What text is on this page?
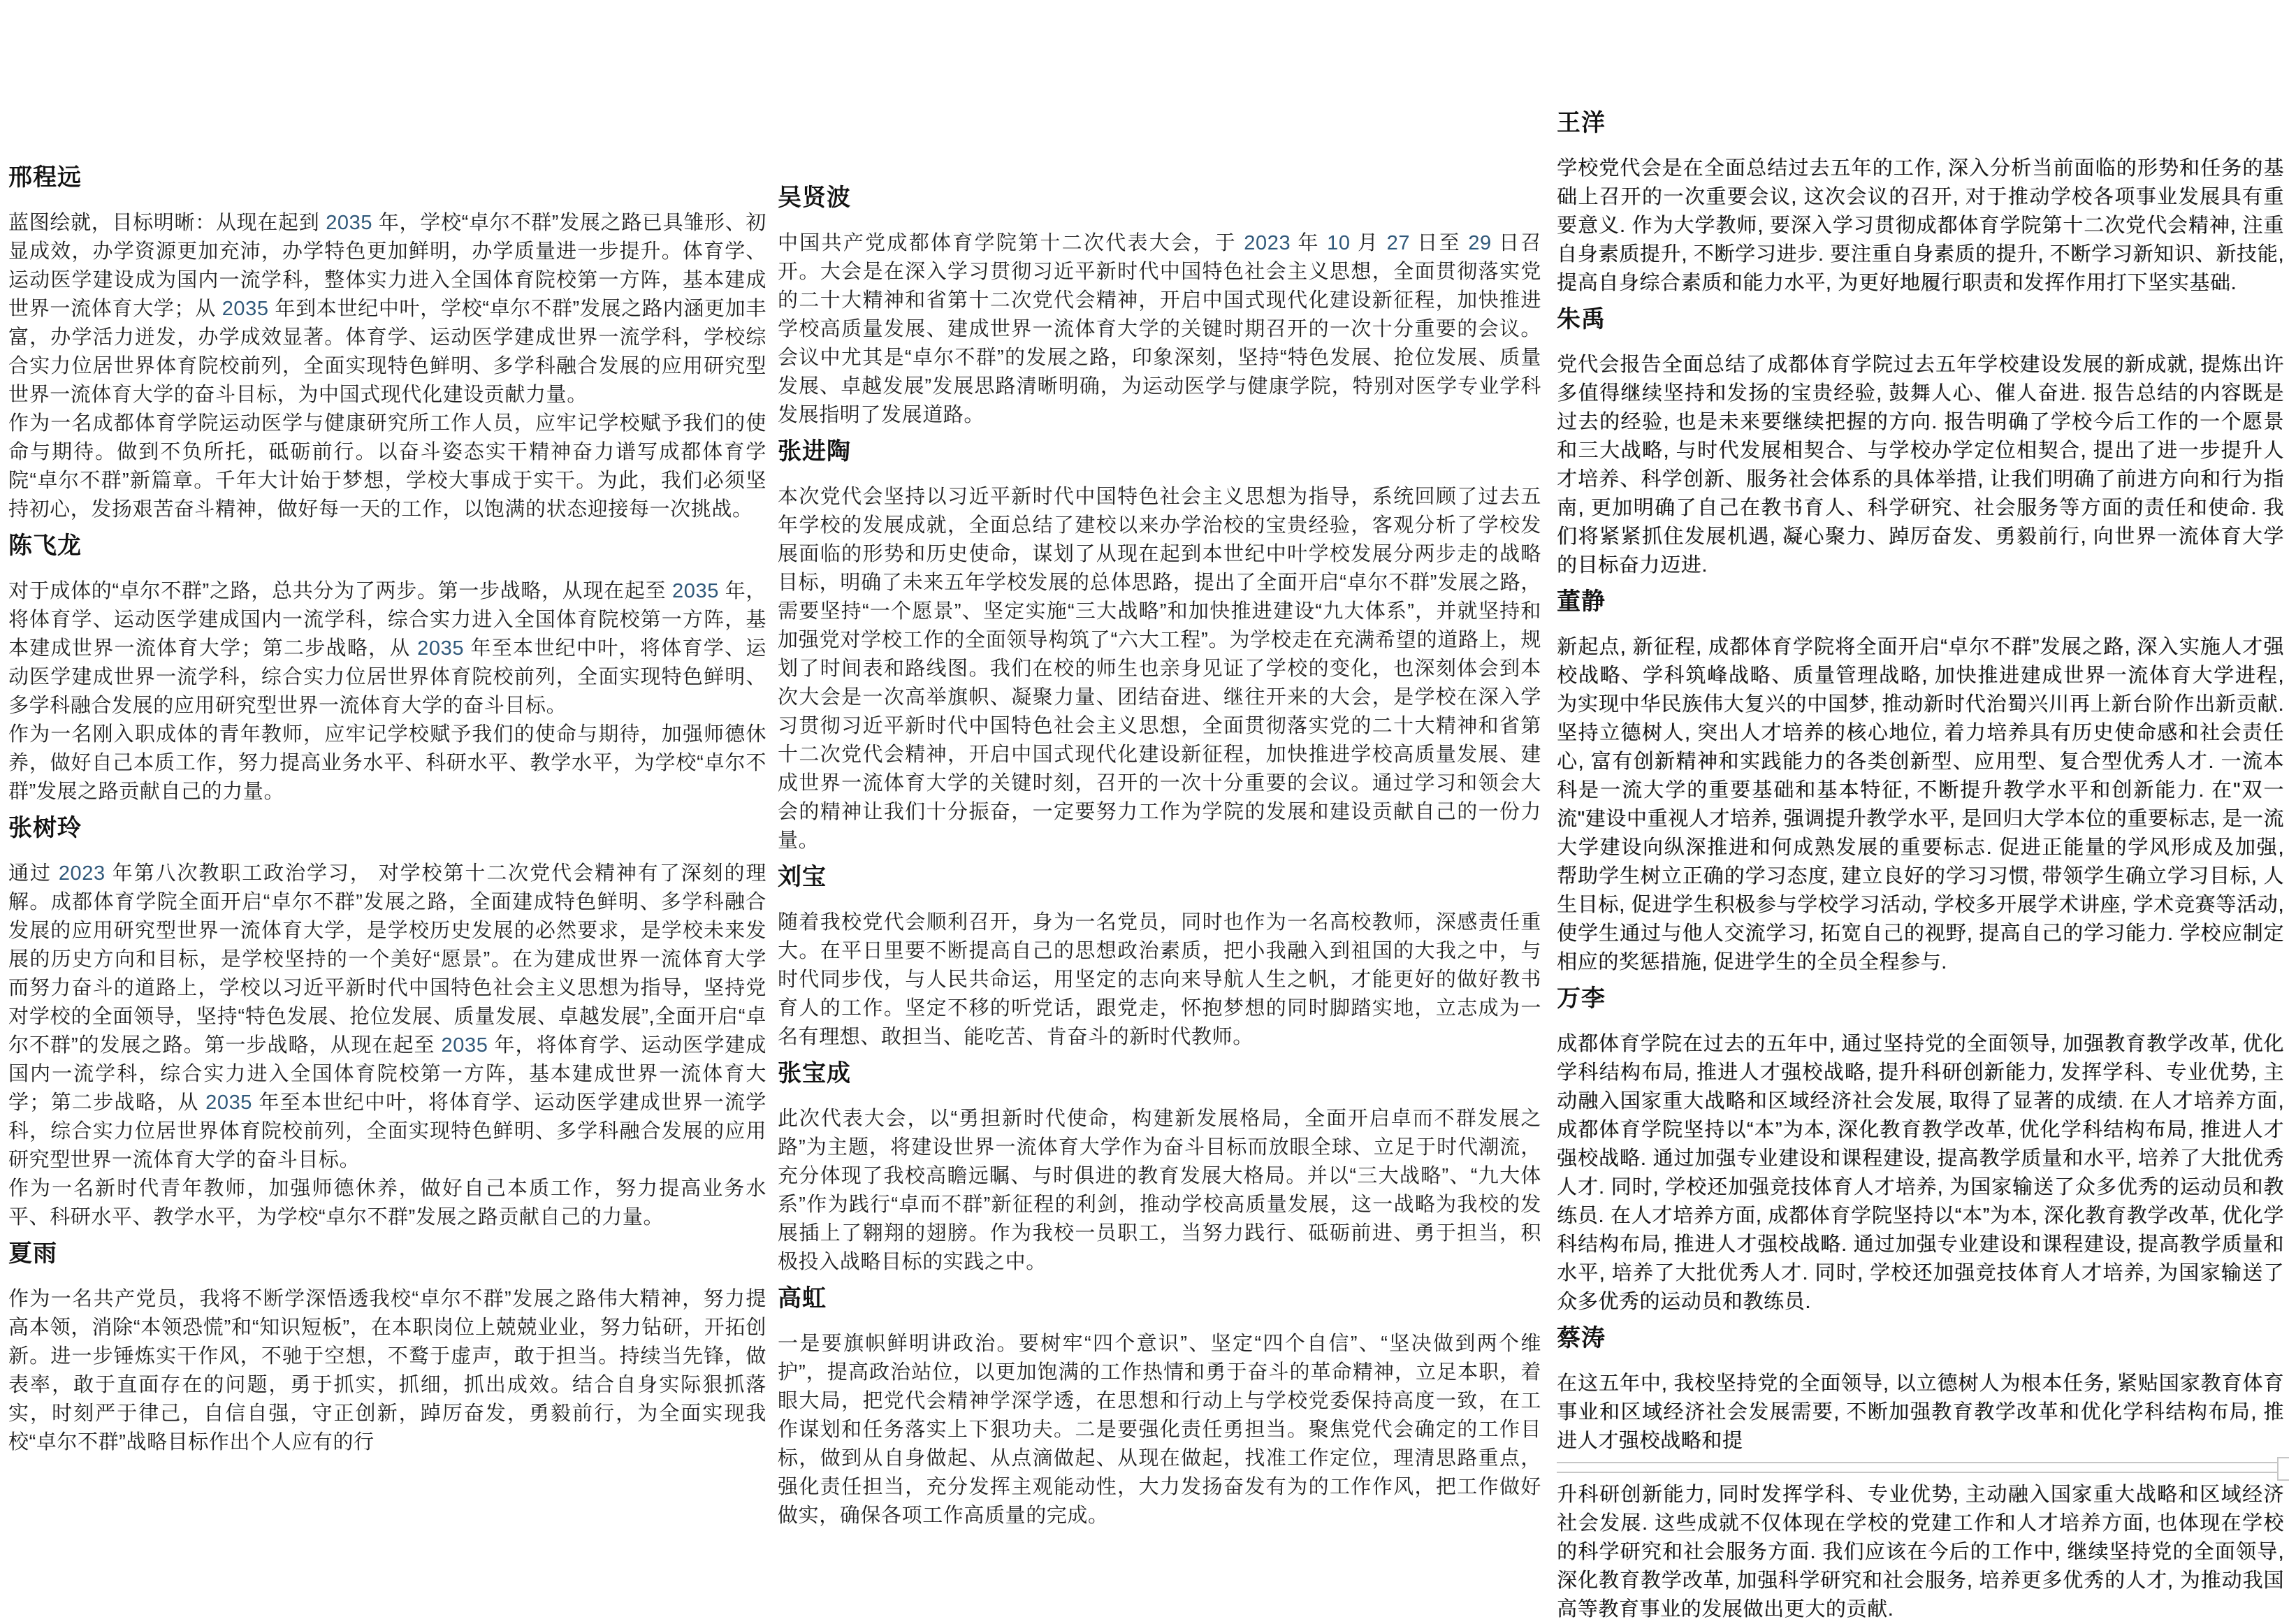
邢程远

蓝图绘就，目标明晰：从现在起到 2035 年，学校“卓尔不群”发展之路已具雏形、初显成效，办学资源更加充沛，办学特色更加鲜明，办学质量进一步提升。体育学、运动医学建设成为国内一流学科，整体实力进入全国体育院校第一方阵，基本建成世界一流体育大学；从 2035 年到本世纪中叶，学校“卓尔不群”发展之路内涵更加丰富，办学活力迸发，办学成效显著。体育学、运动医学建成世界一流学科，学校综合实力位居世界体育院校前列，全面实现特色鲜明、多学科融合发展的应用研究型世界一流体育大学的奋斗目标，为中国式现代化建设贡献力量。

作为一名成都体育学院运动医学与健康研究所工作人员，应牢记学校赋予我们的使命与期待。做到不负所托，砥砺前行。以奋斗姿态实干精神奋力谱写成都体育学院“卓尔不群”新篇章。千年大计始于梦想，学校大事成于实干。为此，我们必须坚持初心，发扬艰苦奋斗精神，做好每一天的工作，以饱满的状态迎接每一次挑战。

陈飞龙

对于成体的“卓尔不群”之路，总共分为了两步。第一步战略，从现在起至 2035 年，将体育学、运动医学建成国内一流学科，综合实力进入全国体育院校第一方阵，基本建成世界一流体育大学；第二步战略，从 2035 年至本世纪中叶，将体育学、运动医学建成世界一流学科，综合实力位居世界体育院校前列，全面实现特色鲜明、多学科融合发展的应用研究型世界一流体育大学的奋斗目标。

作为一名刚入职成体的青年教师，应牢记学校赋予我们的使命与期待，加强师德休养，做好自己本质工作，努力提高业务水平、科研水平、教学水平，为学校“卓尔不群”发展之路贡献自己的力量。

张树玲

通过 2023 年第八次教职工政治学习， 对学校第十二次党代会精神有了深刻的理解。成都体育学院全面开启“卓尔不群”发展之路，全面建成特色鲜明、多学科融合发展的应用研究型世界一流体育大学，是学校历史发展的必然要求，是学校未来发展的历史方向和目标，是学校坚持的一个美好“愿景”。在为建成世界一流体育大学而努力奋斗的道路上，学校以习近平新时代中国特色社会主义思想为指导，坚持党对学校的全面领导，坚持“特色发展、抢位发展、质量发展、卓越发展”,全面开启“卓尔不群”的发展之路。第一步战略，从现在起至 2035 年，将体育学、运动医学建成国内一流学科，综合实力进入全国体育院校第一方阵，基本建成世界一流体育大学；第二步战略，从 2035 年至本世纪中叶，将体育学、运动医学建成世界一流学科，综合实力位居世界体育院校前列，全面实现特色鲜明、多学科融合发展的应用研究型世界一流体育大学的奋斗目标。

作为一名新时代青年教师，加强师德休养，做好自己本质工作，努力提高业务水平、科研水平、教学水平，为学校“卓尔不群”发展之路贡献自己的力量。

夏雨

作为一名共产党员，我将不断学深悟透我校“卓尔不群”发展之路伟大精神，努力提高本领，消除“本领恐慌”和“知识短板”，在本职岗位上兢兢业业，努力钻研，开拓创新。进一步锤炼实干作风，不驰于空想，不鹜于虚声，敢于担当。持续当先锋，做表率，敢于直面存在的问题，勇于抓实，抓细，抓出成效。结合自身实际狠抓落实，时刻严于律己，自信自强，守正创新，踔厉奋发，勇毅前行，为全面实现我校“卓尔不群”战略目标作出个人应有的行

吴贤波

中国共产党成都体育学院第十二次代表大会，于 2023 年 10 月 27 日至 29 日召开。大会是在深入学习贯彻习近平新时代中国特色社会主义思想，全面贯彻落实党的二十大精神和省第十二次党代会精神，开启中国式现代化建设新征程，加快推进学校高质量发展、建成世界一流体育大学的关键时期召开的一次十分重要的会议。会议中尤其是“卓尔不群”的发展之路，印象深刻，坚持“特色发展、抢位发展、质量发展、卓越发展”发展思路清晰明确，为运动医学与健康学院，特别对医学专业学科发展指明了发展道路。

张进陶

本次党代会坚持以习近平新时代中国特色社会主义思想为指导，系统回顾了过去五年学校的发展成就，全面总结了建校以来办学治校的宝贵经验，客观分析了学校发展面临的形势和历史使命，谋划了从现在起到本世纪中叶学校发展分两步走的战略目标，明确了未来五年学校发展的总体思路，提出了全面开启“卓尔不群”发展之路，需要坚持“一个愿景”、坚定实施“三大战略”和加快推进建设“九大体系”，并就坚持和加强党对学校工作的全面领导构筑了“六大工程”。为学校走在充满希望的道路上，规划了时间表和路线图。我们在校的师生也亲身见证了学校的变化，也深刻体会到本次大会是一次高举旗帜、凝聚力量、团结奋进、继往开来的大会，是学校在深入学习贯彻习近平新时代中国特色社会主义思想，全面贯彻落实党的二十大精神和省第十二次党代会精神，开启中国式现代化建设新征程，加快推进学校高质量发展、建成世界一流体育大学的关键时刻，召开的一次十分重要的会议。通过学习和领会大会的精神让我们十分振奋，一定要努力工作为学院的发展和建设贡献自己的一份力量。

刘宝

随着我校党代会顺利召开，身为一名党员，同时也作为一名高校教师，深感责任重大。在平日里要不断提高自己的思想政治素质，把小我融入到祖国的大我之中，与时代同步伐，与人民共命运，用坚定的志向来导航人生之帆，才能更好的做好教书育人的工作。坚定不移的听党话，跟党走，怀抱梦想的同时脚踏实地，立志成为一名有理想、敢担当、能吃苦、肯奋斗的新时代教师。

张宝成

此次代表大会，以“勇担新时代使命，构建新发展格局，全面开启卓而不群发展之路”为主题，将建设世界一流体育大学作为奋斗目标而放眼全球、立足于时代潮流，充分体现了我校高瞻远瞩、与时俱进的教育发展大格局。并以“三大战略”、“九大体系”作为践行“卓而不群”新征程的利剑，推动学校高质量发展，这一战略为我校的发展插上了翱翔的翅膀。作为我校一员职工，当努力践行、砥砺前进、勇于担当，积极投入战略目标的实践之中。

高虹

一是要旗帜鲜明讲政治。要树牢“四个意识”、坚定“四个自信”、“坚决做到两个维护”，提高政治站位，以更加饱满的工作热情和勇于奋斗的革命精神，立足本职，着眼大局，把党代会精神学深学透，在思想和行动上与学校党委保持高度一致，在工作谋划和任务落实上下狠功夫。二是要强化责任勇担当。聚焦党代会确定的工作目标，做到从自身做起、从点滴做起、从现在做起，找准工作定位，理清思路重点，强化责任担当，充分发挥主观能动性，大力发扬奋发有为的工作作风，把工作做好做实，确保各项工作高质量的完成。

王洋

学校党代会是在全面总结过去五年的工作, 深入分析当前面临的形势和任务的基础上召开的一次重要会议, 这次会议的召开, 对于推动学校各项事业发展具有重要意义. 作为大学教师, 要深入学习贯彻成都体育学院第十二次党代会精神, 注重自身素质提升, 不断学习进步. 要注重自身素质的提升, 不断学习新知识、新技能, 提高自身综合素质和能力水平, 为更好地履行职责和发挥作用打下坚实基础.

朱禹

党代会报告全面总结了成都体育学院过去五年学校建设发展的新成就, 提炼出许多值得继续坚持和发扬的宝贵经验, 鼓舞人心、催人奋进. 报告总结的内容既是过去的经验, 也是未来要继续把握的方向. 报告明确了学校今后工作的一个愿景和三大战略, 与时代发展相契合、与学校办学定位相契合, 提出了进一步提升人才培养、科学创新、服务社会体系的具体举措, 让我们明确了前进方向和行为指南, 更加明确了自己在教书育人、科学研究、社会服务等方面的责任和使命. 我们将紧紧抓住发展机遇, 凝心聚力、踔厉奋发、勇毅前行, 向世界一流体育大学的目标奋力迈进.

董静

新起点, 新征程, 成都体育学院将全面开启“卓尔不群”发展之路, 深入实施人才强校战略、学科筑峰战略、质量管理战略, 加快推进建成世界一流体育大学进程, 为实现中华民族伟大复兴的中国梦, 推动新时代治蜀兴川再上新台阶作出新贡献. 坚持立德树人, 突出人才培养的核心地位, 着力培养具有历史使命感和社会责任心, 富有创新精神和实践能力的各类创新型、应用型、复合型优秀人才. 一流本科是一流大学的重要基础和基本特征, 不断提升教学水平和创新能力. 在"双一流"建设中重视人才培养, 强调提升教学水平, 是回归大学本位的重要标志, 是一流大学建设向纵深推进和何成熟发展的重要标志. 促进正能量的学风形成及加强, 帮助学生树立正确的学习态度, 建立良好的学习习惯, 带领学生确立学习目标, 人生目标, 促进学生积极参与学校学习活动, 学校多开展学术讲座, 学术竞赛等活动, 使学生通过与他人交流学习, 拓宽自己的视野, 提高自己的学习能力. 学校应制定相应的奖惩措施, 促进学生的全员全程参与.

万李

成都体育学院在过去的五年中, 通过坚持党的全面领导, 加强教育教学改革, 优化学科结构布局, 推进人才强校战略, 提升科研创新能力, 发挥学科、专业优势, 主动融入国家重大战略和区域经济社会发展, 取得了显著的成绩. 在人才培养方面, 成都体育学院坚持以“本”为本, 深化教育教学改革, 优化学科结构布局, 推进人才强校战略. 通过加强专业建设和课程建设, 提高教学质量和水平, 培养了大批优秀人才. 同时, 学校还加强竞技体育人才培养, 为国家输送了众多优秀的运动员和教练员. 在人才培养方面, 成都体育学院坚持以“本”为本, 深化教育教学改革, 优化学科结构布局, 推进人才强校战略. 通过加强专业建设和课程建设, 提高教学质量和水平, 培养了大批优秀人才. 同时, 学校还加强竞技体育人才培养, 为国家输送了众多优秀的运动员和教练员.

蔡涛

在这五年中, 我校坚持党的全面领导, 以立德树人为根本任务, 紧贴国家教育体育事业和区域经济社会发展需要, 不断加强教育教学改革和优化学科结构布局, 推进人才强校战略和提

升科研创新能力, 同时发挥学科、专业优势, 主动融入国家重大战略和区域经济社会发展. 这些成就不仅体现在学校的党建工作和人才培养方面, 也体现在学校的科学研究和社会服务方面. 我们应该在今后的工作中, 继续坚持党的全面领导, 深化教育教学改革, 加强科学研究和社会服务, 培养更多优秀的人才, 为推动我国高等教育事业的发展做出更大的贡献.
